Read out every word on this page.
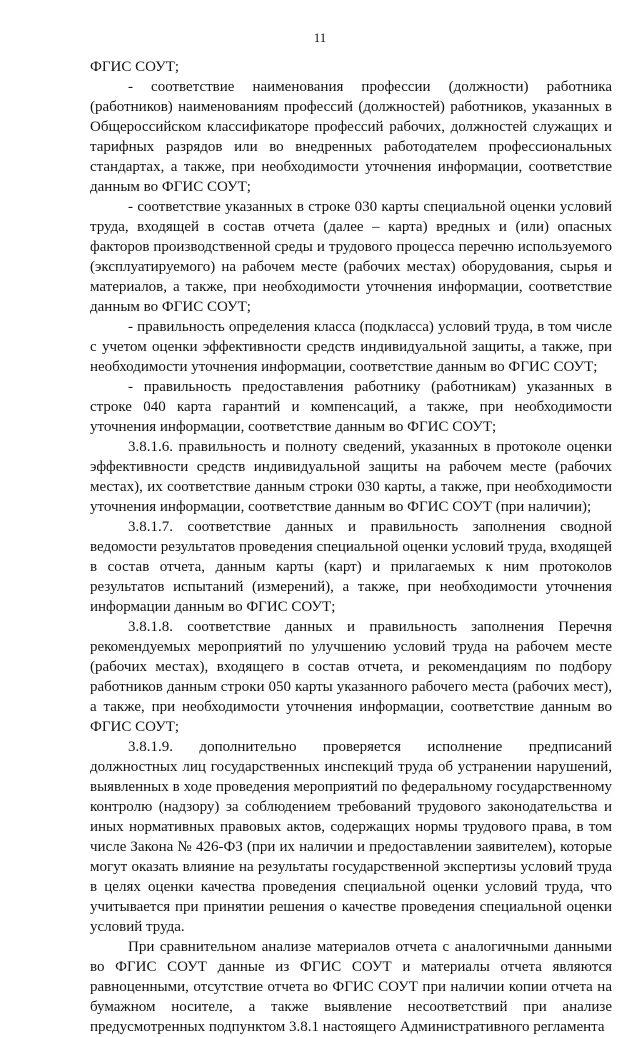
11

ФГИС СОУТ;

- соответствие наименования профессии (должности) работника (работников) наименованиям профессий (должностей) работников, указанных в Общероссийском классификаторе профессий рабочих, должностей служащих и тарифных разрядов или во внедренных работодателем профессиональных стандартах, а также, при необходимости уточнения информации, соответствие данным во ФГИС СОУТ;

- соответствие указанных в строке 030 карты специальной оценки условий труда, входящей в состав отчета (далее – карта) вредных и (или) опасных факторов производственной среды и трудового процесса перечню используемого (эксплуатируемого) на рабочем месте (рабочих местах) оборудования, сырья и материалов, а также, при необходимости уточнения информации, соответствие данным во ФГИС СОУТ;

- правильность определения класса (подкласса) условий труда, в том числе с учетом оценки эффективности средств индивидуальной защиты, а также, при необходимости уточнения информации, соответствие данным во ФГИС СОУТ;

- правильность предоставления работнику (работникам) указанных в строке 040 карта гарантий и компенсаций, а также, при необходимости уточнения информации, соответствие данным во ФГИС СОУТ;

3.8.1.6. правильность и полноту сведений, указанных в протоколе оценки эффективности средств индивидуальной защиты на рабочем месте (рабочих местах), их соответствие данным строки 030 карты, а также, при необходимости уточнения информации, соответствие данным во ФГИС СОУТ (при наличии);

3.8.1.7. соответствие данных и правильность заполнения сводной ведомости результатов проведения специальной оценки условий труда, входящей в состав отчета, данным карты (карт) и прилагаемых к ним протоколов результатов испытаний (измерений), а также, при необходимости уточнения информации данным во ФГИС СОУТ;

3.8.1.8. соответствие данных и правильность заполнения Перечня рекомендуемых мероприятий по улучшению условий труда на рабочем месте (рабочих местах), входящего в состав отчета, и рекомендациям по подбору работников данным строки 050 карты указанного рабочего места (рабочих мест), а также, при необходимости уточнения информации, соответствие данным во ФГИС СОУТ;

3.8.1.9. дополнительно проверяется исполнение предписаний должностных лиц государственных инспекций труда об устранении нарушений, выявленных в ходе проведения мероприятий по федеральному государственному контролю (надзору) за соблюдением требований трудового законодательства и иных нормативных правовых актов, содержащих нормы трудового права, в том числе Закона № 426-ФЗ (при их наличии и предоставлении заявителем), которые могут оказать влияние на результаты государственной экспертизы условий труда в целях оценки качества проведения специальной оценки условий труда, что учитывается при принятии решения о качестве проведения специальной оценки условий труда.

При сравнительном анализе материалов отчета с аналогичными данными во ФГИС СОУТ данные из ФГИС СОУТ и материалы отчета являются равноценными, отсутствие отчета во ФГИС СОУТ при наличии копии отчета на бумажном носителе, а также выявление несоответствий при анализе предусмотренных подпунктом 3.8.1 настоящего Административного регламента
